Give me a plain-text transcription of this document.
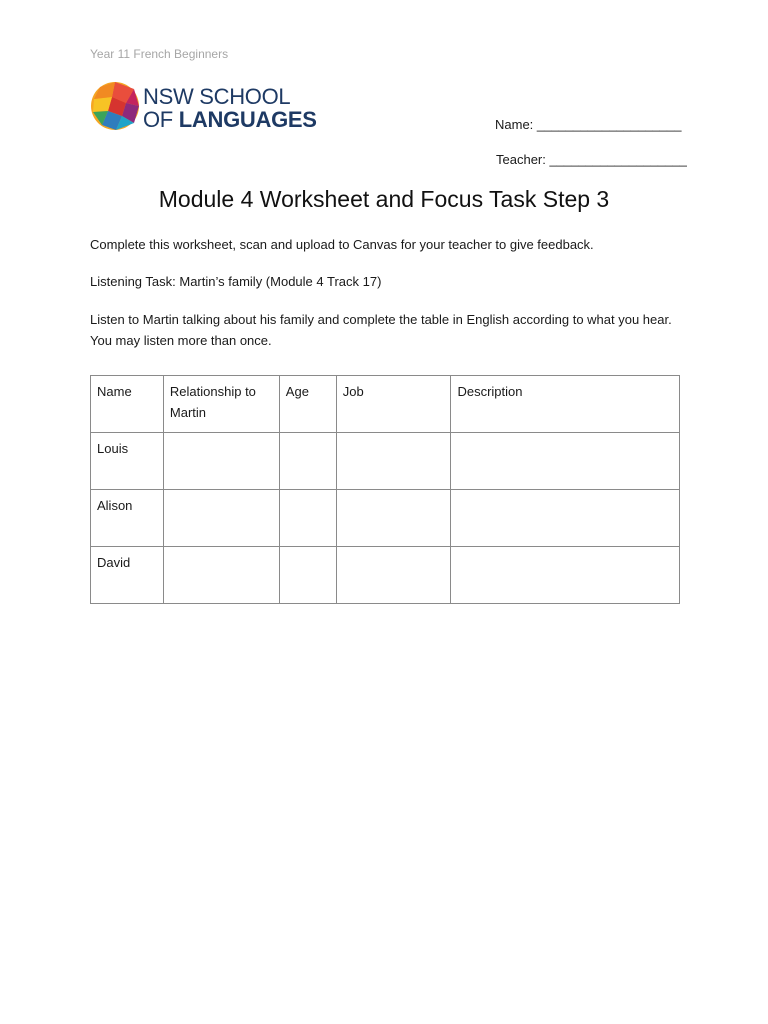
Year 11 French Beginners
NSW SCHOOL
OF LANGUAGES	Name: ____________________
Teacher: ___________________
Module 4 Worksheet and Focus Task Step 3
Complete this worksheet, scan and upload to Canvas for your teacher to give feedback.
Listening Task: Martin’s family (Module 4 Track 17)
Listen to Martin talking about his family and complete the table in English according to what you hear. You may listen more than once.
Name	Relationship to Martin	Age	Job	Description
Louis				
Alison				
David				
